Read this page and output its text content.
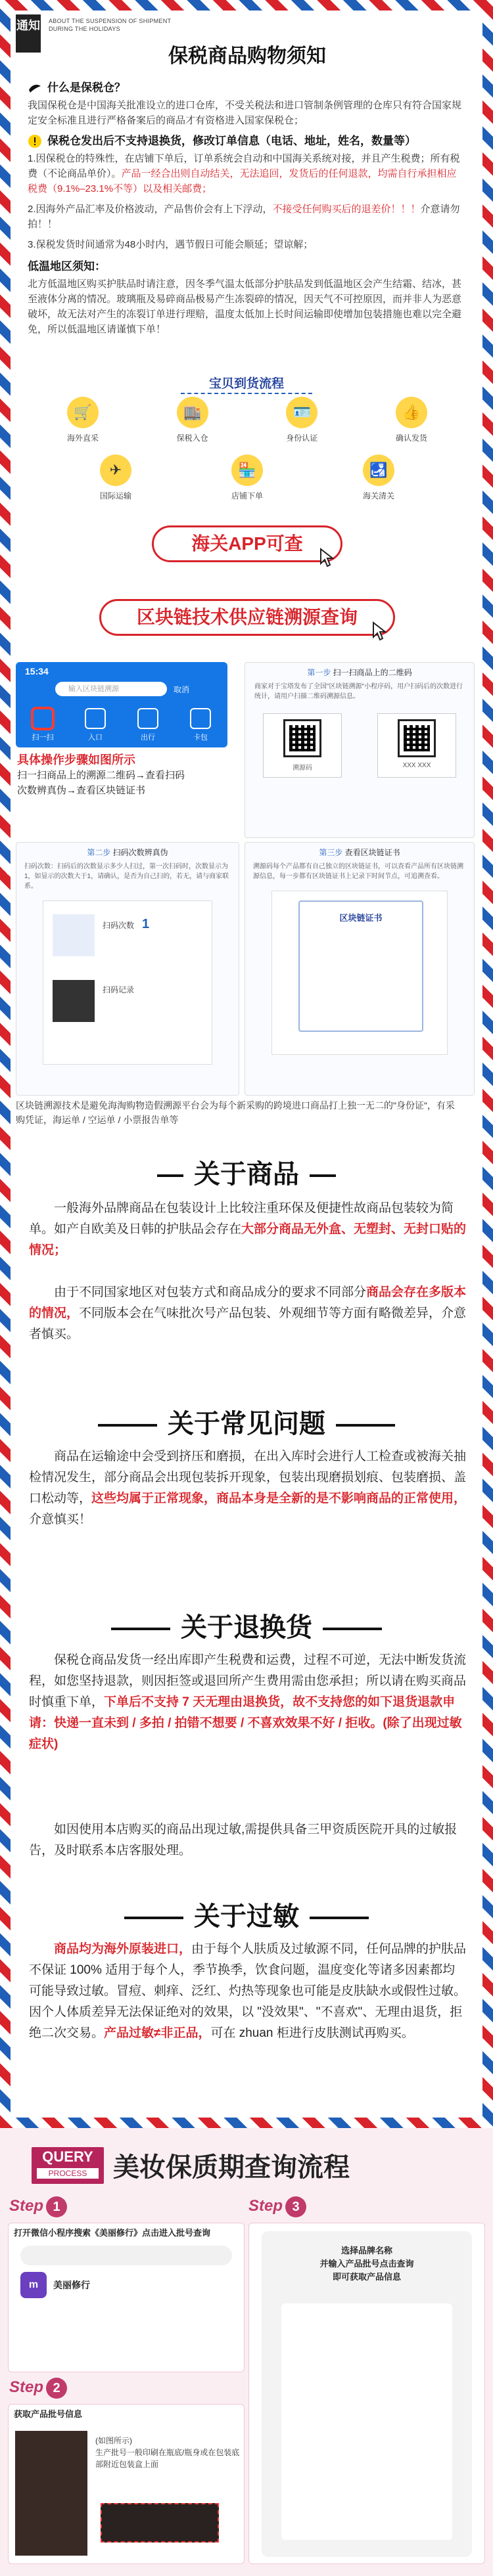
通知 ABOUT THE SUSPENSION OF SHIPMENT DURING THE HOLIDAYS
保税商品购物须知
什么是保税仓？
我国保税仓是中国海关批准设立的进口仓库，不受关税法和进口管制条例管理的仓库只有符合国家规定安全标准且进行严格备案后的商品才有资格进入国家保税仓；
保税仓发出后不支持退换货， 修改订单信息 （电话、地址，姓名，数量等）
1.因保税仓的特殊性，在店铺下单后，订单系统会自动和中国海关系统对接，并且产生税费；所有税费（不论商品单价）。产品一经合出则自动结关，无法追回，发货后的任何退款，均需自行承担相应税费（9.1%–23.1%不等）以及相关邮费；
2.因海外产品汇率及价格波动，产品售价会有上下浮动，不接受任何购买后的退差价！！！介意请勿拍！！
3.保税发货时间通常为48小时内，遇节假日可能会顺延；望谅解；
低温地区须知：
北方低温地区购买护肤品时请注意，因冬季气温太低部分护肤品发到低温地区会产生结霜、结冰，甚至液体分离的情况。玻璃瓶及易碎商品极易产生冻裂碎的情况，因天气不可控原因，而并非人为恶意破坏，故无法对产生的冻裂订单进行理赔，温度太低加上长时间运输即使增加包装措施也难以完全避免，所以低温地区请谨慎下单！
宝贝到货流程
🛒
海外直采
🏬
保税入仓
🪪
身份认证
👍
确认发货
✈
国际运输
🏪
店铺下单
🛃
海关清关
海关APP可查
区块链技术供应链溯源查询
15:34
输入区块链溯源	取消
扫一扫	入口	出行	卡包
具体操作步骤如图所示
扫一扫商品上的溯源二维码→查看扫码
次数辨真伪→查看区块链证书
第一步 扫一扫商品上的二维码
商家对于宝塔发布了全国"区块链溯源"小程序码，用户扫码后的次数进行统计，请用户扫描二维码溯源信息。
溯源码	XXX XXX
第二步 扫码次数辨真伪
扫码次数：扫码后的次数显示多少人扫过，第一次扫码时，次数显示为1，如显示的次数大于1，请确认，是否为自己扫的，若无，请与商家联系。
扫码次数 1
扫码记录
第三步 查看区块链证书
溯源码每个产品都有自己独立的区块链证书，可以查看产品所有区块链溯源信息，每一步都有区块链证书上记录下时间节点，可追溯查看。
区块链证书
区块链溯源技术是避免海淘购物造假溯源平台会为每个新采购的跨境进口商品打上独一无二的"身份证"，有采购凭证，海运单 / 空运单 / 小票报告单等
关于商品
一般海外品牌商品在包装设计上比较注重环保及便捷性故商品包装较为简单。如产自欧美及日韩的护肤品会存在大部分商品无外盒、无塑封、无封口贴的情况；
由于不同国家地区对包装方式和商品成分的要求不同部分商品会存在多版本的情况，不同版本会在气味批次号产品包装、外观细节等方面有略微差异，介意者慎买。
关于常见问题
商品在运输途中会受到挤压和磨损，在出入库时会进行人工检查或被海关抽检情况发生，部分商品会出现包装拆开现象，包装出现磨损划痕、包装磨损、盖口松动等，这些均属于正常现象，商品本身是全新的是不影响商品的正常使用，介意慎买！
关于退换货
保税仓商品发货一经出库即产生税费和运费，过程不可逆，无法中断发货流程，如您坚持退款，则因拒签或退回所产生费用需由您承担；所以请在购买商品时慎重下单，下单后不支持 7 天无理由退换货，故不支持您的如下退货退款申请：快递一直未到 / 多拍 / 拍错不想要 / 不喜欢效果不好 / 拒收。(除了出现过敏症状)
如因使用本店购买的商品出现过敏,需提供具备三甲资质医院开具的过敏报告，及时联系本店客服处理。
关于过敏
商品均为海外原装进口，由于每个人肤质及过敏源不同，任何品牌的护肤品不保证 100% 适用于每个人，季节换季，饮食问题，温度变化等诸多因素都均可能导致过敏。冒痘、刺痒、泛红、灼热等现象也可能是皮肤缺水或假性过敏。因个人体质差异无法保证绝对的效果，以 "没效果"、"不喜欢"、无理由退货，拒绝二次交易。产品过敏≠非正品，可在 zhuan 柜进行皮肤测试再购买。
QUERY
PROCESS 美妆保质期查询流程
Step 1
打开微信小程序搜索《美丽修行》点击进入批号查询
m	美丽修行
Step 3
选择品牌名称
并输入产品批号点击查询
即可获取产品信息
Step 2
获取产品批号信息
(如图所示)
生产批号一般印刷在瓶底/瓶身或在包装底部附近包装盒上面
